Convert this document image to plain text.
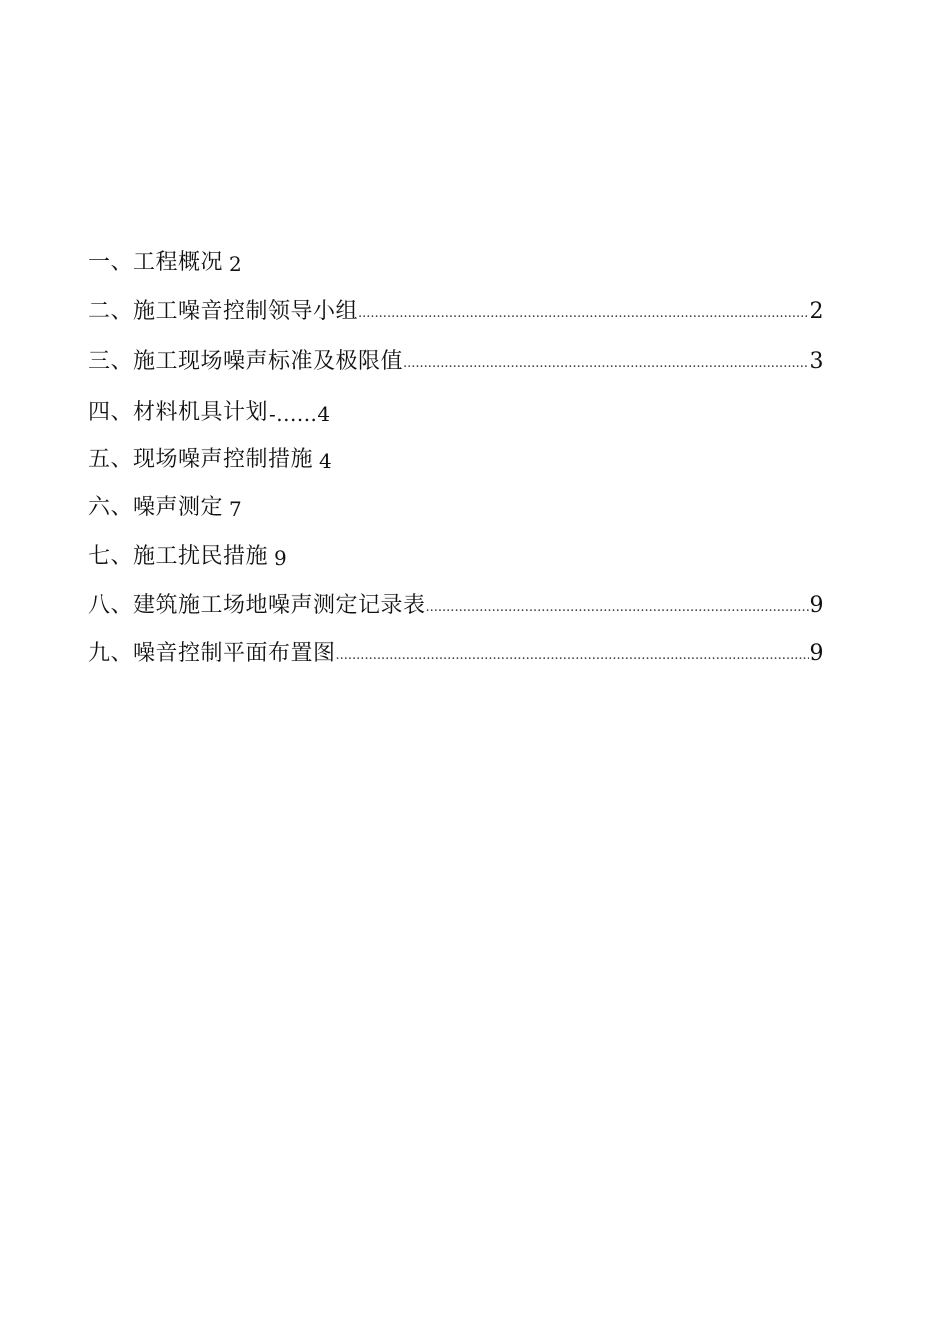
一、工程概况 2
二、施工噪音控制领导小组 .....	2
三、施工现场噪声标准及极限值 .....	3
四、材料机具计划 -......4
五、现场噪声控制措施 4
六、噪声测定 7
七、施工扰民措施 9
八、建筑施工场地噪声测定记录表 .....	9
九、噪音控制平面布置图 .....	9
